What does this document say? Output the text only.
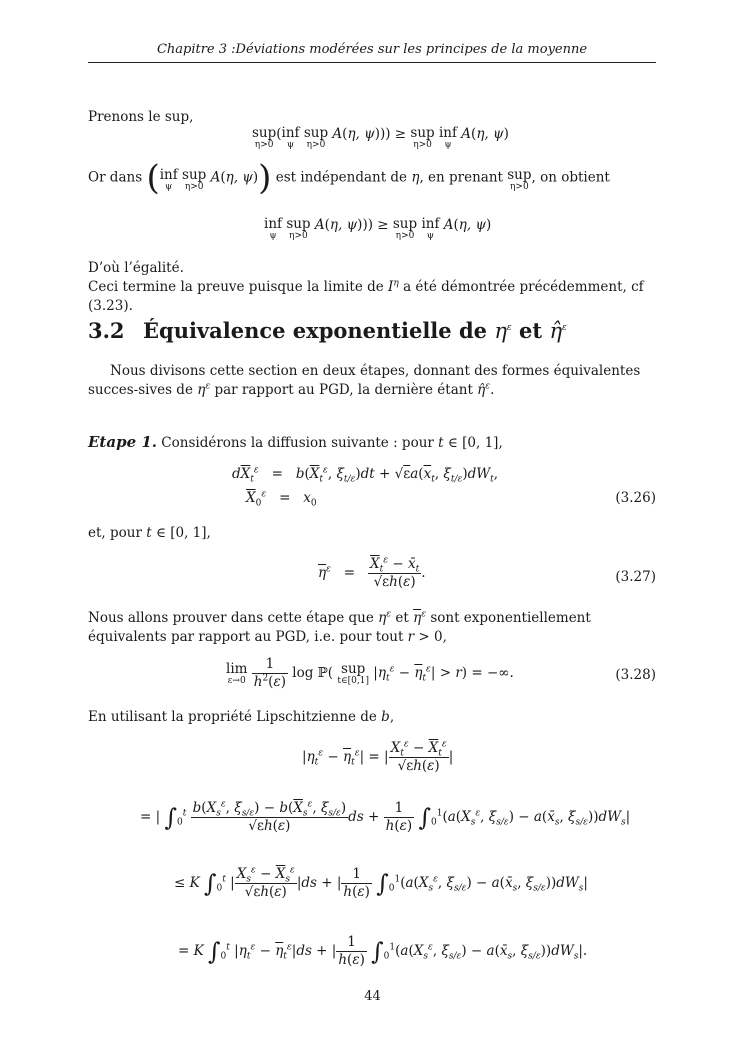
Chapitre 3 :Déviations modérées sur les principes de la moyenne
Prenons le sup,
sup
η>0
(inf
ψ
sup
η>0
A(η, ψ))) ≥ sup
η>0
inf
ψ
A(η, ψ)
Or dans (inf
ψ
sup
η>0
A(η, ψ)) est indépendant de η, en prenant sup
η>0
, on obtient
inf
ψ
sup
η>0
A(η, ψ))) ≥ sup
η>0
inf
ψ
A(η, ψ)
D’où l’égalité.
Ceci termine la preuve puisque la limite de $I^\eta$ a été démontrée précédemment, cf (3.23).
3.2 Équivalence exponentielle de $\eta^\varepsilon$ et η̂$^\varepsilon$
Nous divisons cette section en deux étapes, donnant des formes équivalentes succes-sives de $\eta^\varepsilon$ par rapport au PGD, la dernière étant η̂$^\varepsilon$.
Etape 1. Considérons la diffusion suivante : pour t ∈ [0, 1],
$d\overline{X}_t^\varepsilon = b(\overline{X}_t^\varepsilon$, $\xi_{t/\varepsilon})dt + √\varepsilon a(\overline{x}_t$, $\xi_{t/\varepsilon})dW_t$,
$\overline{X}_0^\varepsilon = x_0$	(3.26)
et, pour t ∈ [0, 1],
$\overline{\eta}^\varepsilon = \frac{\overline{X}_t^\varepsilon - x̄_t}{√\varepsilon h(\varepsilon)}$ .	(3.27)
Nous allons prouver dans cette étape que $\eta^\varepsilon$ et $\overline{\eta}^\varepsilon$ sont exponentiellement équivalents par rapport au PGD, i.e. pour tout r > 0,
lim
ε→0
$\frac{1}{h^2(\varepsilon)}$ log ℙ( sup
t∈[0,1] $|\eta_t^\varepsilon - \overline{\eta}_t^\varepsilon| > r$) = −∞.	(3.28)
En utilisant la propriété Lipschitzienne de b,
$|\eta_t^\varepsilon - \overline{\eta}_t^\varepsilon|$ = | $\frac{X_t^\varepsilon - \overline{X}_t^\varepsilon}{√\varepsilon h(\varepsilon)}$ |
= | $\int_0^t \frac{b(X_s^\varepsilon, \xi_{s/\varepsilon}) - b(\overline{X}_s^\varepsilon, \xi_{s/\varepsilon})}{√\varepsilon h(\varepsilon)}$ ds + $\frac{1}{h(\varepsilon)} \int_0^1(a(X_s^\varepsilon$, $\xi_{s/\varepsilon}$) − $a(x̄_s$, $\xi_{s/\varepsilon}))dW_s|$
≤ K $\int_0^t$ | $\frac{X_s^\varepsilon - \overline{X}_s^\varepsilon}{√\varepsilon h(\varepsilon)} |ds$ + | $\frac{1}{h(\varepsilon)} \int_0^1(a(X_s^\varepsilon$, $\xi_{s/\varepsilon}$) − $a(x̄_s$, $\xi_{s/\varepsilon}))dW_s|$
= K $\int_0^t$ $|\eta_t^\varepsilon - \overline{\eta}_t^\varepsilon|ds$ + | $\frac{1}{h(\varepsilon)} \int_0^1(a(X_s^\varepsilon$, $\xi_{s/\varepsilon}$) − $a(x̄_s$, $\xi_{s/\varepsilon}))dW_s|$.
44
